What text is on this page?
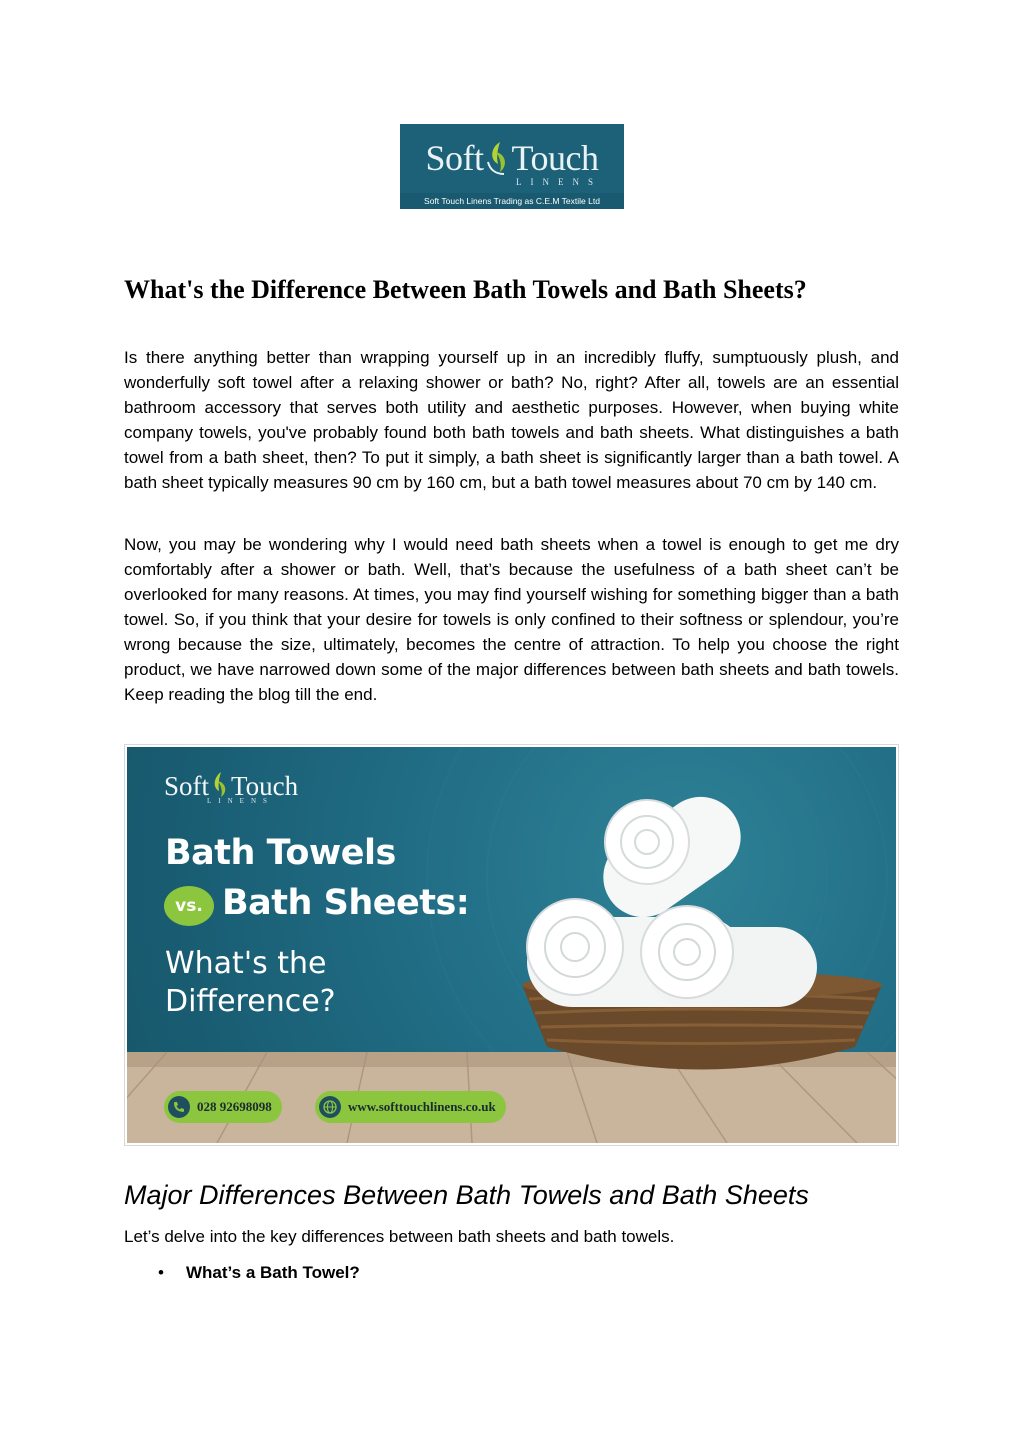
Soft Touch
LINENS
Soft Touch Linens Trading as C.E.M Textile Ltd
What's the Difference Between Bath Towels and Bath Sheets?

Is there anything better than wrapping yourself up in an incredibly fluffy, sumptuously plush, and wonderfully soft towel after a relaxing shower or bath? No, right? After all, towels are an essential bathroom accessory that serves both utility and aesthetic purposes. However, when buying white company towels, you've probably found both bath towels and bath sheets. What distinguishes a bath towel from a bath sheet, then? To put it simply, a bath sheet is significantly larger than a bath towel. A bath sheet typically measures 90 cm by 160 cm, but a bath towel measures about 70 cm by 140 cm.

Now, you may be wondering why I would need bath sheets when a towel is enough to get me dry comfortably after a shower or bath. Well, that’s because the usefulness of a bath sheet can’t be overlooked for many reasons. At times, you may find yourself wishing for something bigger than a bath towel. So, if you think that your desire for towels is only confined to their softness or splendour, you’re wrong because the size, ultimately, becomes the centre of attraction. To help you choose the right product, we have narrowed down some of the major differences between bath sheets and bath towels. Keep reading the blog till the end.

Soft Touch
LINENS
Bath Towels
vs. Bath Sheets:
What's the Difference?
028 92698098	www.softtouchlinens.co.uk
Major Differences Between Bath Towels and Bath Sheets

Let’s delve into the key differences between bath sheets and bath towels.

•	What’s a Bath Towel?
